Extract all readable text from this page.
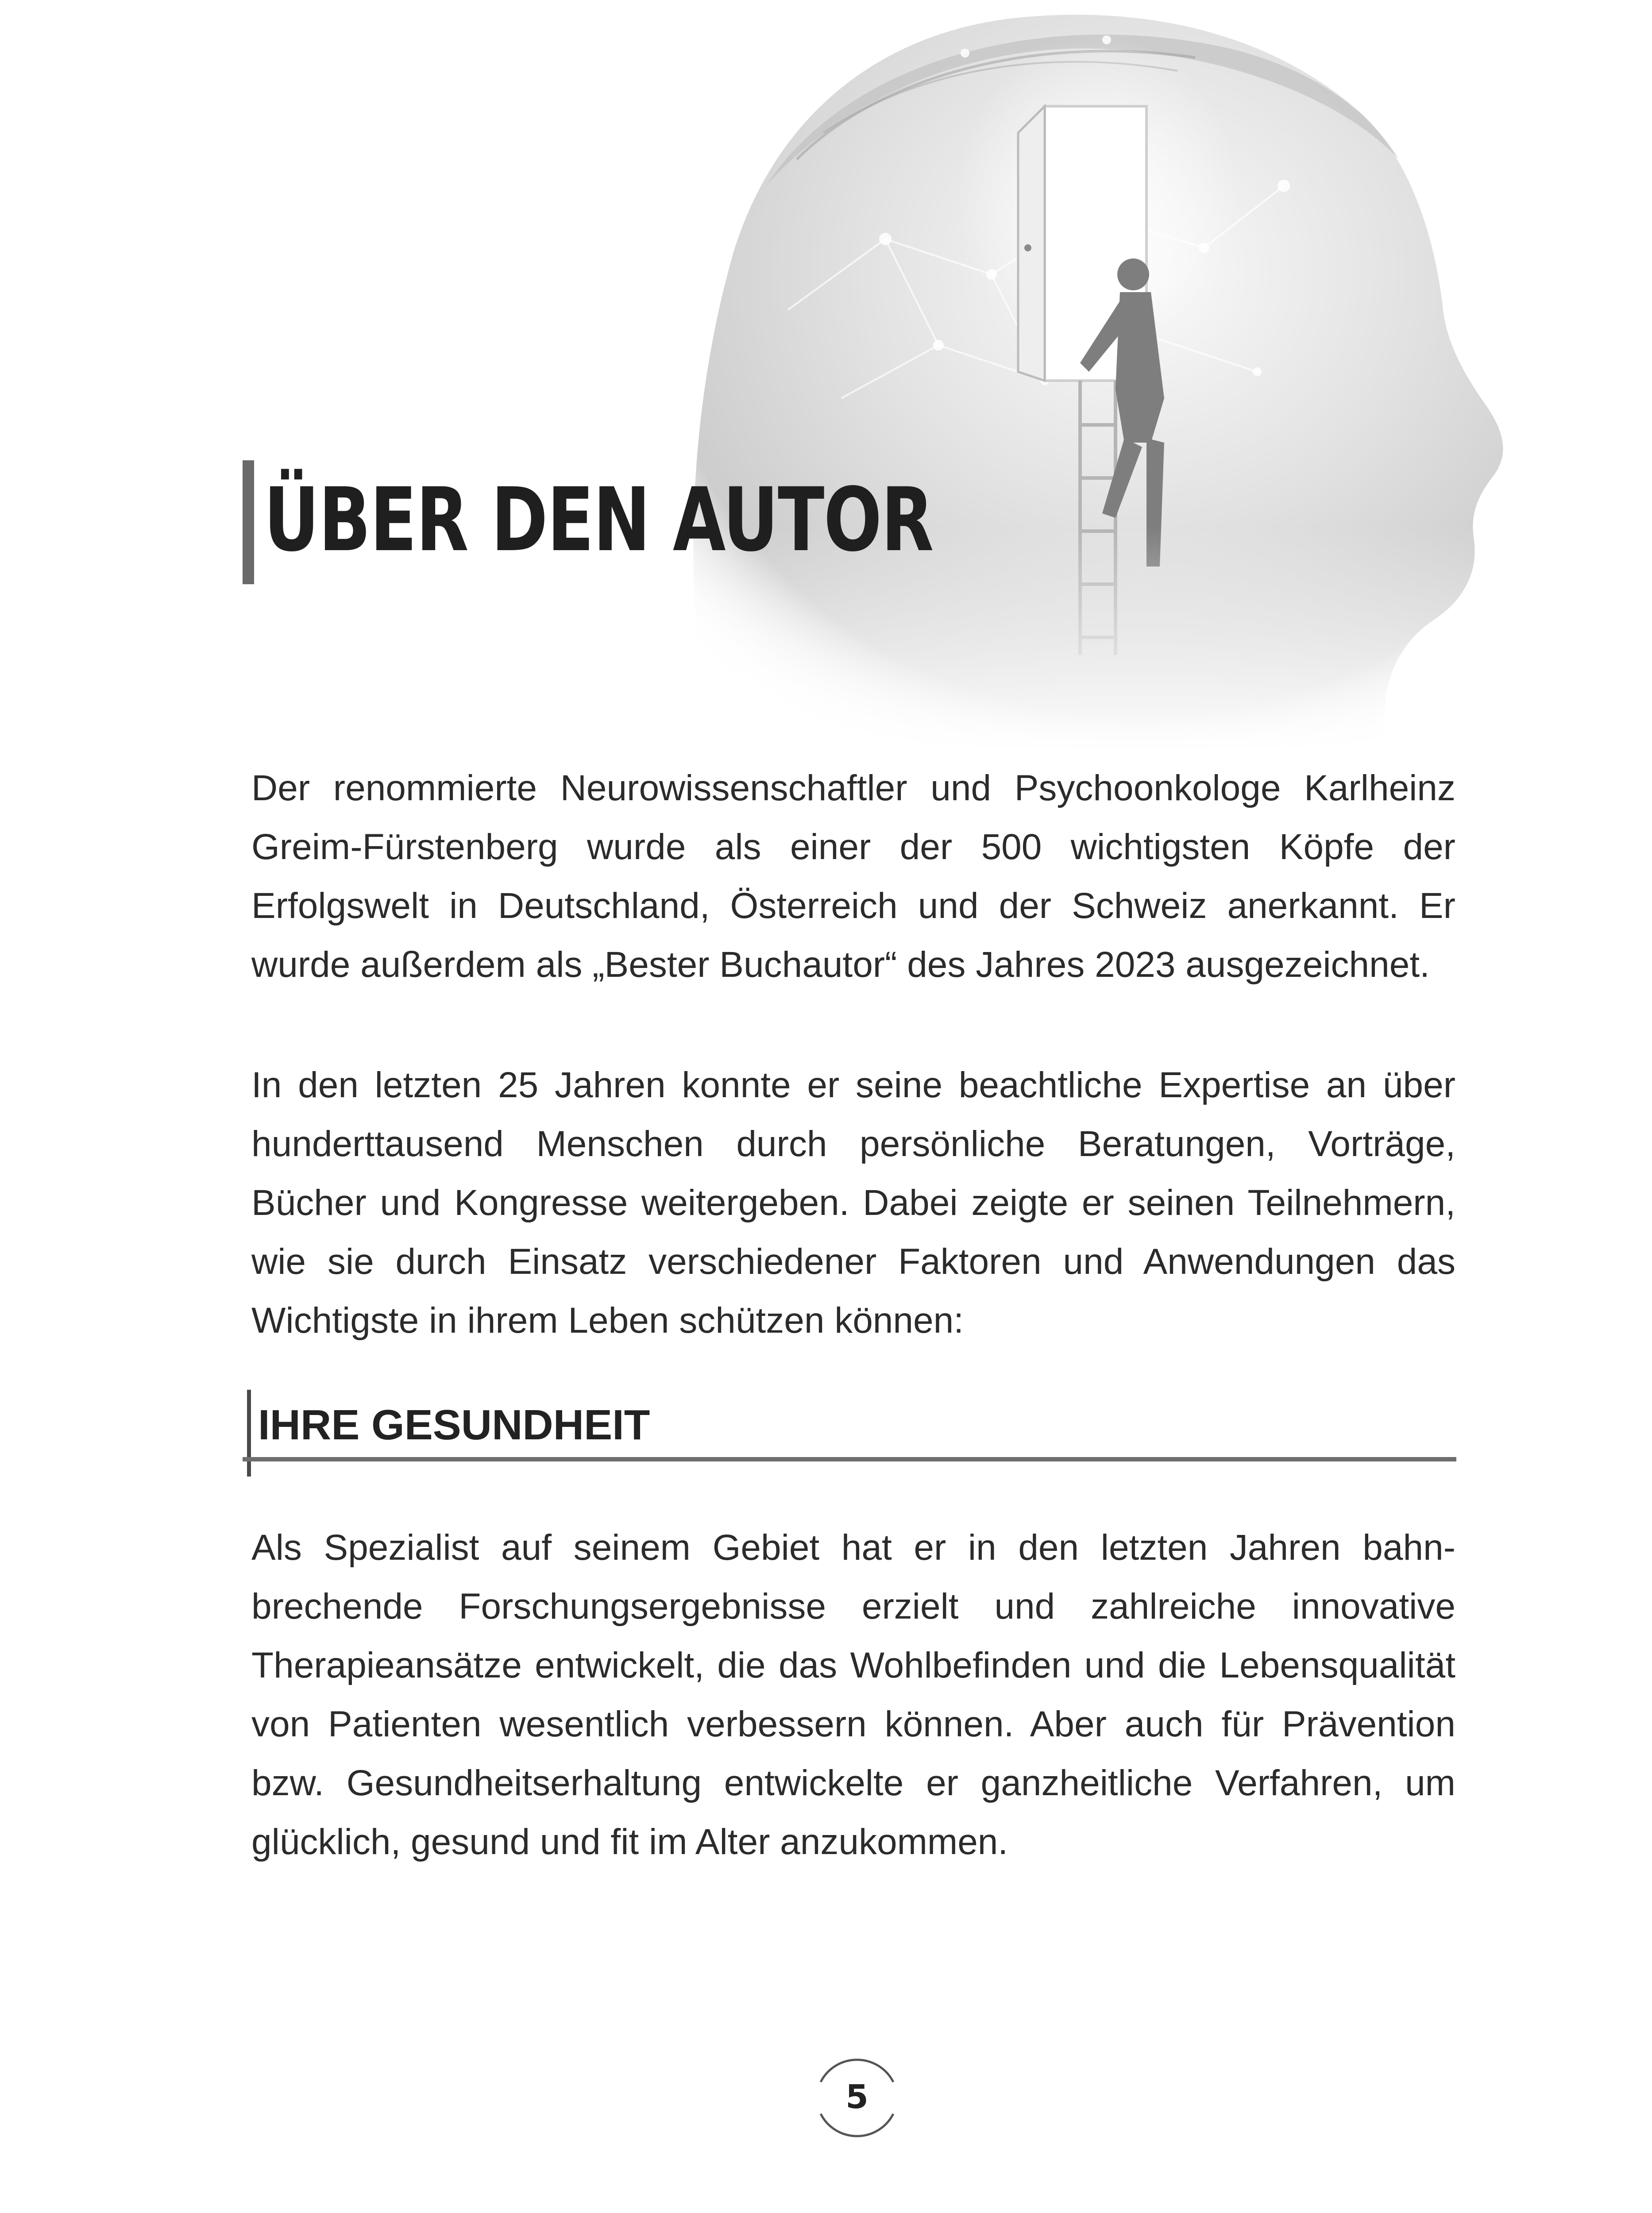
ÜBER DEN AUTOR

Der renommierte Neurowissenschaftler und Psychoonkologe Karlheinz Greim-Fürstenberg wurde als einer der 500 wichtigsten Köpfe der Erfolgswelt in Deutschland, Österreich und der Schweiz anerkannt. Er wurde außerdem als „Bester Buchautor“ des Jahres 2023 ausgezeichnet.

In den letzten 25 Jahren konnte er seine beachtliche Expertise an über hunderttausend Menschen durch persönliche Beratungen, Vorträge, Bücher und Kongresse weitergeben. Dabei zeigte er seinen Teilnehmern, wie sie durch Einsatz verschiedener Faktoren und Anwendungen das Wichtigste in ihrem Leben schützen können:

IHRE GESUNDHEIT

Als Spezialist auf seinem Gebiet hat er in den letzten Jahren bahnbrechende Forschungsergebnisse erzielt und zahlreiche innovative Therapieansätze entwickelt, die das Wohlbefinden und die Lebensqualität von Patienten wesentlich verbessern können. Aber auch für Prävention bzw. Gesundheitserhaltung entwickelte er ganzheitliche Verfahren, um glücklich, gesund und fit im Alter anzukommen.

5
